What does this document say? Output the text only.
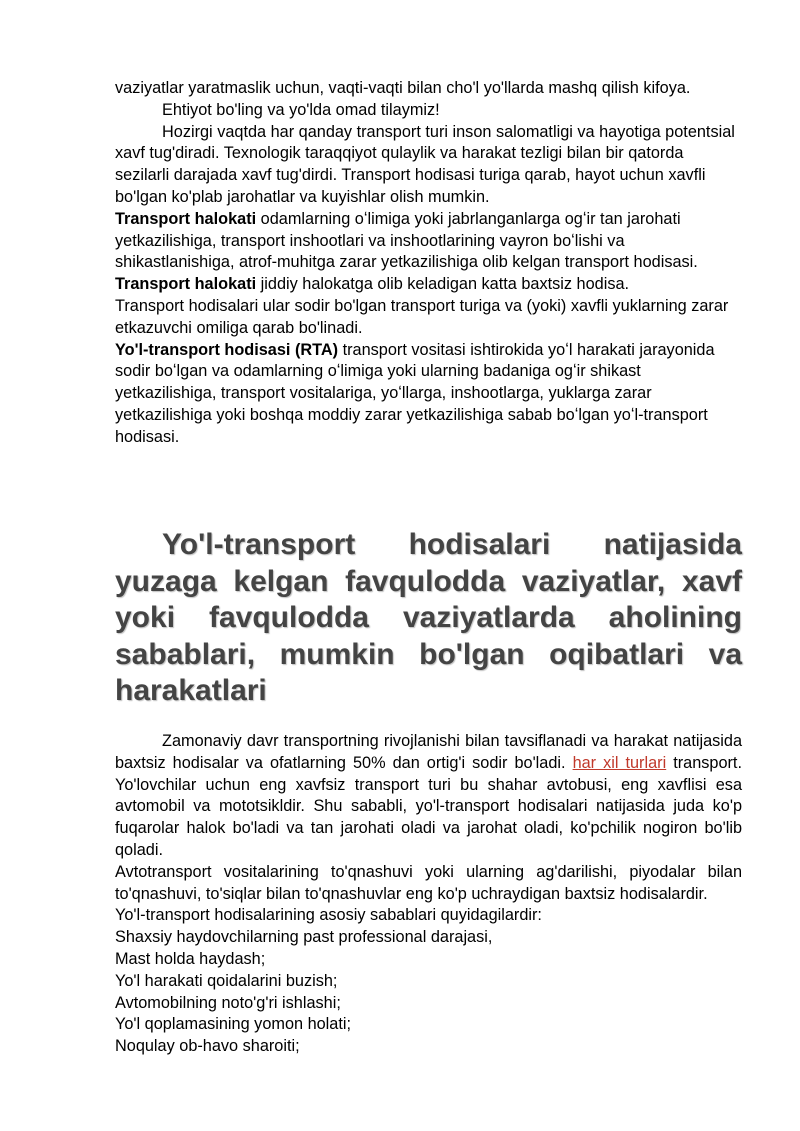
vaziyatlar yaratmaslik uchun, vaqti-vaqti bilan cho'l yo'llarda mashq qilish kifoya.

Ehtiyot bo'ling va yo'lda omad tilaymiz!

Hozirgi vaqtda har qanday transport turi inson salomatligi va hayotiga potentsial xavf tug'diradi. Texnologik taraqqiyot qulaylik va harakat tezligi bilan bir qatorda sezilarli darajada xavf tug'dirdi. Transport hodisasi turiga qarab, hayot uchun xavfli bo'lgan ko'plab jarohatlar va kuyishlar olish mumkin.

Transport halokati odamlarning oʻlimiga yoki jabrlanganlarga ogʻir tan jarohati yetkazilishiga, transport inshootlari va inshootlarining vayron boʻlishi va shikastlanishiga, atrof-muhitga zarar yetkazilishiga olib kelgan transport hodisasi.

Transport halokati jiddiy halokatga olib keladigan katta baxtsiz hodisa.

Transport hodisalari ular sodir bo'lgan transport turiga va (yoki) xavfli yuklarning zarar etkazuvchi omiliga qarab bo'linadi.

Yo'l-transport hodisasi (RTA) transport vositasi ishtirokida yoʻl harakati jarayonida sodir boʻlgan va odamlarning oʻlimiga yoki ularning badaniga ogʻir shikast yetkazilishiga, transport vositalariga, yoʻllarga, inshootlarga, yuklarga zarar yetkazilishiga yoki boshqa moddiy zarar yetkazilishiga sabab boʻlgan yoʻl-transport hodisasi.

Yo'l-transport hodisalari natijasida yuzaga kelgan favqulodda vaziyatlar, xavf yoki favqulodda vaziyatlarda aholining sabablari, mumkin bo'lgan oqibatlari va harakatlari

Zamonaviy davr transportning rivojlanishi bilan tavsiflanadi va harakat natijasida baxtsiz hodisalar va ofatlarning 50% dan ortig'i sodir bo'ladi. har xil turlari transport. Yo'lovchilar uchun eng xavfsiz transport turi bu shahar avtobusi, eng xavflisi esa avtomobil va mototsikldir. Shu sababli, yo'l-transport hodisalari natijasida juda ko'p fuqarolar halok bo'ladi va tan jarohati oladi va jarohat oladi, ko'pchilik nogiron bo'lib qoladi.

Avtotransport vositalarining to'qnashuvi yoki ularning ag'darilishi, piyodalar bilan to'qnashuvi, to'siqlar bilan to'qnashuvlar eng ko'p uchraydigan baxtsiz hodisalardir.

Yo'l-transport hodisalarining asosiy sabablari quyidagilardir:

Shaxsiy haydovchilarning past professional darajasi,

Mast holda haydash;

Yo'l harakati qoidalarini buzish;

Avtomobilning noto'g'ri ishlashi;

Yo'l qoplamasining yomon holati;

Noqulay ob-havo sharoiti;
